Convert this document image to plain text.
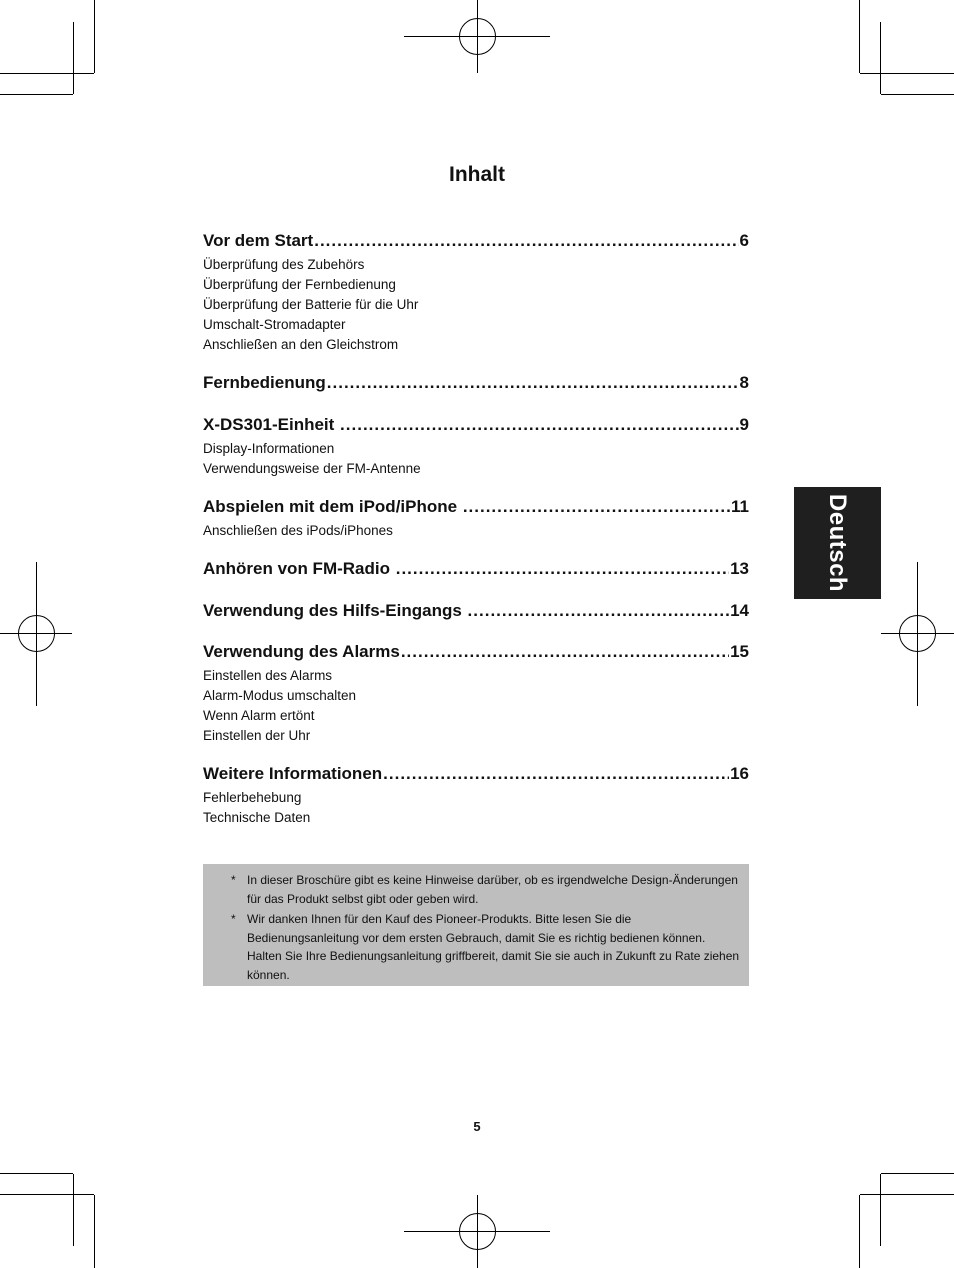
Inhalt
Vor dem Start .....	6
Überprüfung des Zubehörs
Überprüfung der Fernbedienung
Überprüfung der Batterie für die Uhr
Umschalt-Stromadapter
Anschließen an den Gleichstrom
Fernbedienung .....	8
X-DS301-Einheit .....	9
Display-Informationen
Verwendungsweise der FM-Antenne
Abspielen mit dem iPod/iPhone .....	11
Anschließen des iPods/iPhones
Anhören von FM-Radio .....	13
Verwendung des Hilfs-Eingangs .....	14
Verwendung des Alarms .....	15
Einstellen des Alarms
Alarm-Modus umschalten
Wenn Alarm ertönt
Einstellen der Uhr
Weitere Informationen .....	16
Fehlerbehebung
Technische Daten
* In dieser Broschüre gibt es keine Hinweise darüber, ob es irgendwelche Design-Änderungen für das Produkt selbst gibt oder geben wird.
* Wir danken Ihnen für den Kauf des Pioneer-Produkts. Bitte lesen Sie die Bedienungsanleitung vor dem ersten Gebrauch, damit Sie es richtig bedienen können. Halten Sie Ihre Bedienungsanleitung griffbereit, damit Sie sie auch in Zukunft zu Rate ziehen können.
Deutsch
5
